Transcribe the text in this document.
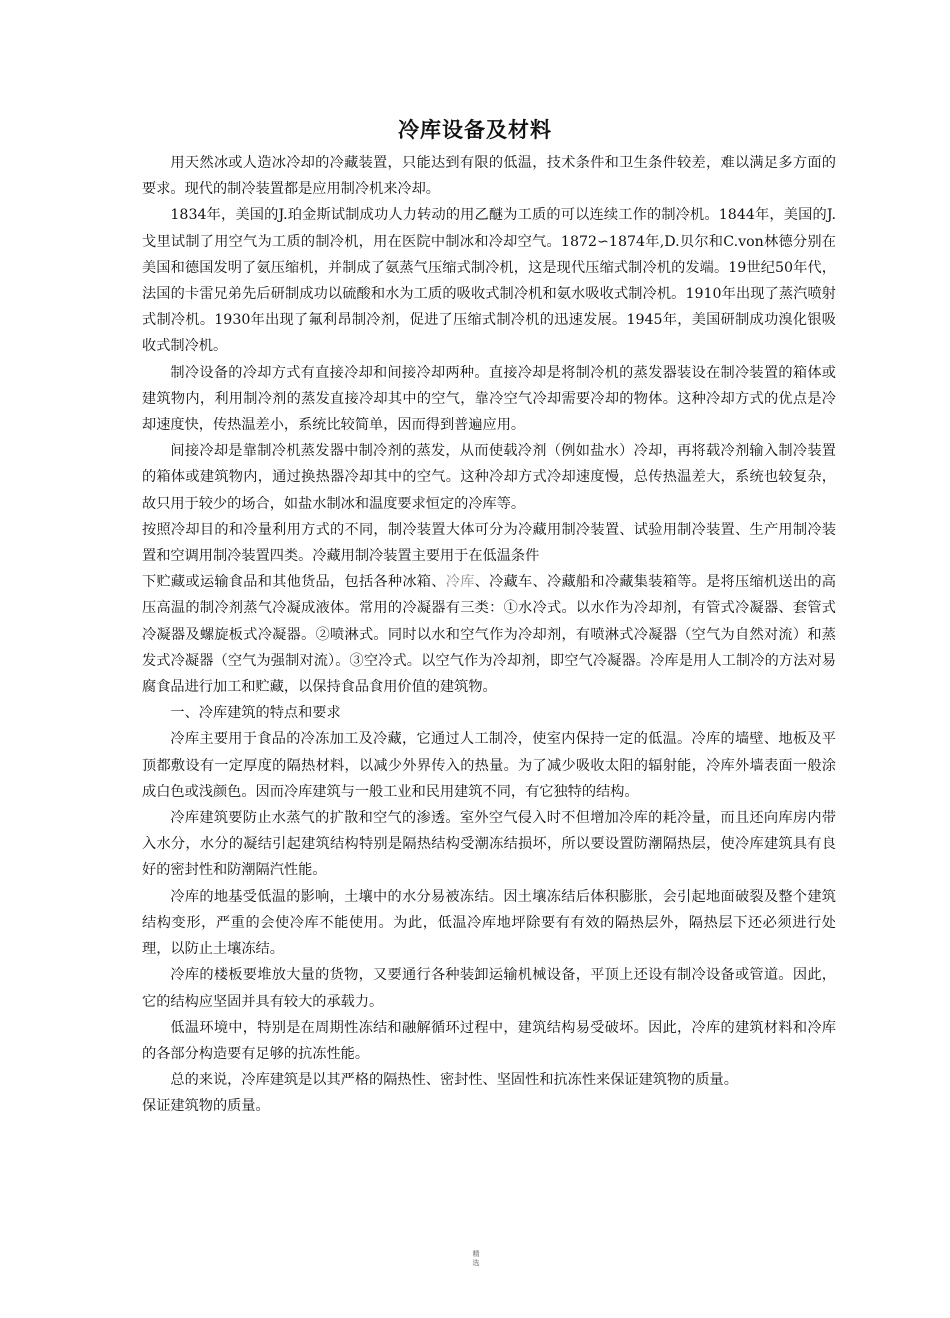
冷库设备及材料

用天然冰或人造冰冷却的冷藏装置，只能达到有限的低温，技术条件和卫生条件较差，难以满足多方面的要求。现代的制冷装置都是应用制冷机来冷却。

1834年，美国的J.珀金斯试制成功人力转动的用乙醚为工质的可以连续工作的制冷机。1844年，美国的J.戈里试制了用空气为工质的制冷机，用在医院中制冰和冷却空气。1872∽1874年,D.贝尔和C.von林德分别在美国和德国发明了氨压缩机，并制成了氨蒸气压缩式制冷机，这是现代压缩式制冷机的发端。19世纪50年代，法国的卡雷兄弟先后研制成功以硫酸和水为工质的吸收式制冷机和氨水吸收式制冷机。1910年出现了蒸汽喷射式制冷机。1930年出现了氟利昂制冷剂，促进了压缩式制冷机的迅速发展。1945年，美国研制成功溴化银吸收式制冷机。

制冷设备的冷却方式有直接冷却和间接冷却两种。直接冷却是将制冷机的蒸发器装设在制冷装置的箱体或建筑物内，利用制冷剂的蒸发直接冷却其中的空气，靠冷空气冷却需要冷却的物体。这种冷却方式的优点是冷却速度快，传热温差小，系统比较简单，因而得到普遍应用。

间接冷却是靠制冷机蒸发器中制冷剂的蒸发，从而使载冷剂（例如盐水）冷却，再将载冷剂输入制冷装置的箱体或建筑物内，通过换热器冷却其中的空气。这种冷却方式冷却速度慢，总传热温差大，系统也较复杂，故只用于较少的场合，如盐水制冰和温度要求恒定的冷库等。

按照冷却目的和冷量利用方式的不同，制冷装置大体可分为冷藏用制冷装置、试验用制冷装置、生产用制冷装置和空调用制冷装置四类。冷藏用制冷装置主要用于在低温条件

下贮藏或运输食品和其他货品，包括各种冰箱、冷库、冷藏车、冷藏船和冷藏集装箱等。是将压缩机送出的高压高温的制冷剂蒸气冷凝成液体。常用的冷凝器有三类：①水冷式。以水作为冷却剂，有管式冷凝器、套管式冷凝器及螺旋板式冷凝器。②喷淋式。同时以水和空气作为冷却剂，有喷淋式冷凝器（空气为自然对流）和蒸发式冷凝器（空气为强制对流）。③空冷式。以空气作为冷却剂，即空气冷凝器。冷库是用人工制冷的方法对易腐食品进行加工和贮藏，以保持食品食用价值的建筑物。

一、冷库建筑的特点和要求

冷库主要用于食品的冷冻加工及冷藏，它通过人工制冷，使室内保持一定的低温。冷库的墙壁、地板及平顶都敷设有一定厚度的隔热材料，以减少外界传入的热量。为了减少吸收太阳的辐射能，冷库外墙表面一般涂成白色或浅颜色。因而冷库建筑与一般工业和民用建筑不同，有它独特的结构。

冷库建筑要防止水蒸气的扩散和空气的渗透。室外空气侵入时不但增加冷库的耗冷量，而且还向库房内带入水分，水分的凝结引起建筑结构特别是隔热结构受潮冻结损坏，所以要设置防潮隔热层，使冷库建筑具有良好的密封性和防潮隔汽性能。

冷库的地基受低温的影响，土壤中的水分易被冻结。因土壤冻结后体积膨胀，会引起地面破裂及整个建筑结构变形，严重的会使冷库不能使用。为此，低温冷库地坪除要有有效的隔热层外，隔热层下还必须进行处理，以防止土壤冻结。

冷库的楼板要堆放大量的货物，又要通行各种装卸运输机械设备，平顶上还设有制冷设备或管道。因此，它的结构应坚固并具有较大的承载力。

低温环境中，特别是在周期性冻结和融解循环过程中，建筑结构易受破坏。因此，冷库的建筑材料和冷库的各部分构造要有足够的抗冻性能。

总的来说，冷库建筑是以其严格的隔热性、密封性、坚固性和抗冻性来保证建筑物的质量。

保证建筑物的质量。

精
选
